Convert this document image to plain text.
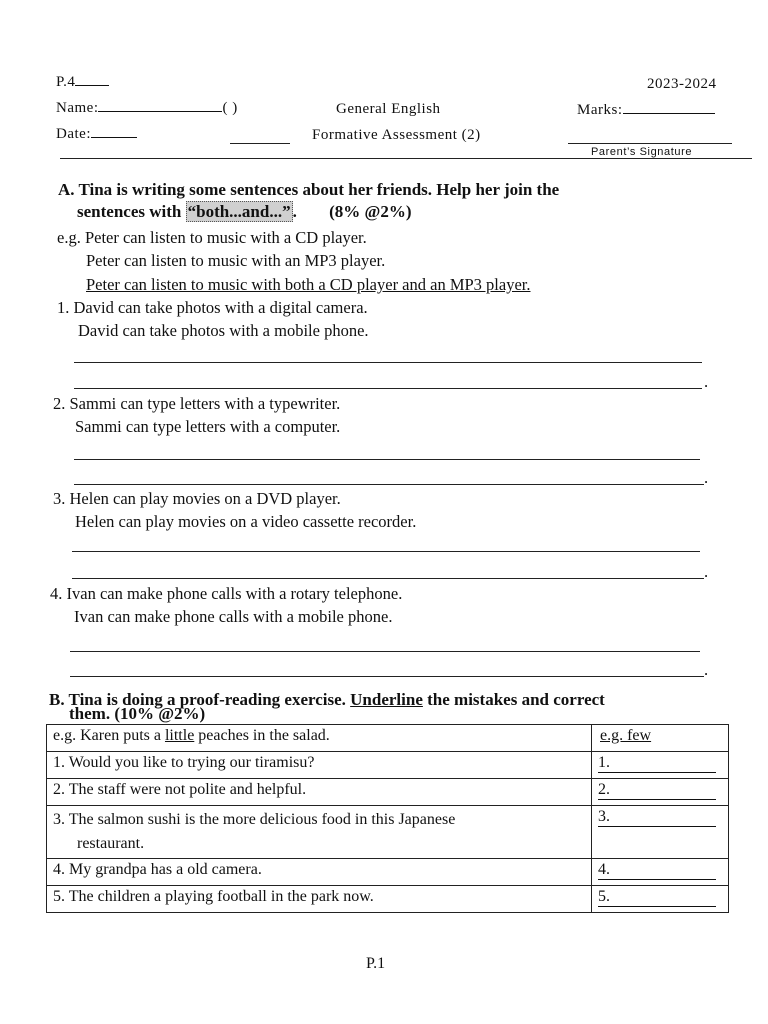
P.4	2023-2024
Name:	( )	General English	Marks:
Date:	Formative Assessment (2)
Parent’s Signature
A. Tina is writing some sentences about her friends. Help her join the
sentences with “both...and...” . (8% @2%)
e.g. Peter can listen to music with a CD player.
Peter can listen to music with an MP3 player.
Peter can listen to music with both a CD player and an MP3 player.
1. David can take photos with a digital camera.
David can take photos with a mobile phone.
.
2. Sammi can type letters with a typewriter.
Sammi can type letters with a computer.
.
3. Helen can play movies on a DVD player.
Helen can play movies on a video cassette recorder.
.
4. Ivan can make phone calls with a rotary telephone.
Ivan can make phone calls with a mobile phone.
.
B. Tina is doing a proof-reading exercise. Underline the mistakes and correct
them. (10% @2%)
e.g. Karen puts a little peaches in the salad.	e.g. few
1. Would you like to trying our tiramisu?	1.
2. The staff were not polite and helpful.	2.
3. The salmon sushi is the more delicious food in this Japanese
restaurant.	3.
4. My grandpa has a old camera.	4.
5. The children a playing football in the park now.	5.
P.1
